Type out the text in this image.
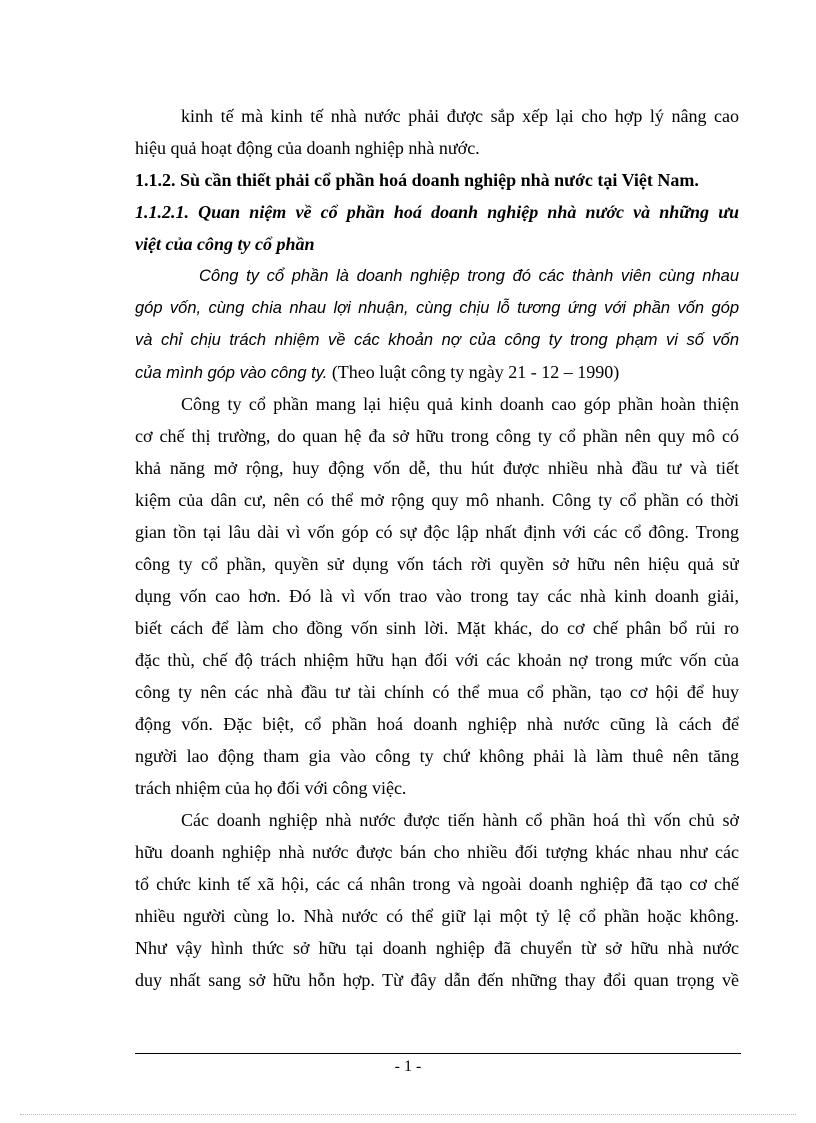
kinh tế mà kinh tế nhà nước phải được sắp xếp lại cho hợp lý nâng cao
hiệu quả hoạt động của doanh nghiệp nhà nước.
1.1.2. Sù cần thiết phải cổ phần hoá doanh nghiệp nhà nước tại Việt Nam.
1.1.2.1. Quan niệm về cổ phần hoá doanh nghiệp nhà nước và những ưu
việt của công ty cổ phần
Công ty cổ phần là doanh nghiệp trong đó các thành viên cùng nhau
góp vốn, cùng chia nhau lợi nhuận, cùng chịu lỗ tương ứng với phần vốn góp
và chỉ chịu trách nhiệm về các khoản nợ của công ty trong phạm vi số vốn
của mình góp vào công ty. (Theo luật công ty ngày 21 - 12 – 1990)
Công ty cổ phần mang lại hiệu quả kinh doanh cao góp phần hoàn thiện
cơ chế thị trường, do quan hệ đa sở hữu trong công ty cổ phần nên quy mô có
khả năng mở rộng, huy động vốn dễ, thu hút được nhiều nhà đầu tư và tiết
kiệm của dân cư, nên có thể mở rộng quy mô nhanh. Công ty cổ phần có thời
gian tồn tại lâu dài vì vốn góp có sự độc lập nhất định với các cổ đông. Trong
công ty cổ phần, quyền sử dụng vốn tách rời quyền sở hữu nên hiệu quả sử
dụng vốn cao hơn. Đó là vì vốn trao vào trong tay các nhà kinh doanh giải,
biết cách để làm cho đồng vốn sinh lời. Mặt khác, do cơ chế phân bổ rủi ro
đặc thù, chế độ trách nhiệm hữu hạn đối với các khoản nợ trong mức vốn của
công ty nên các nhà đầu tư tài chính có thể mua cổ phần, tạo cơ hội để huy
động vốn. Đặc biệt, cổ phần hoá doanh nghiệp nhà nước cũng là cách để
người lao động tham gia vào công ty chứ không phải là làm thuê nên tăng
trách nhiệm của họ đối với công việc.
Các doanh nghiệp nhà nước được tiến hành cổ phần hoá thì vốn chủ sở
hữu doanh nghiệp nhà nước được bán cho nhiều đối tượng khác nhau như các
tổ chức kinh tế xã hội, các cá nhân trong và ngoài doanh nghiệp đã tạo cơ chế
nhiều người cùng lo. Nhà nước có thể giữ lại một tỷ lệ cổ phần hoặc không.
Như vậy hình thức sở hữu tại doanh nghiệp đã chuyển từ sở hữu nhà nước
duy nhất sang sở hữu hỗn hợp. Từ đây dẫn đến những thay đổi quan trọng về
- 1 -
